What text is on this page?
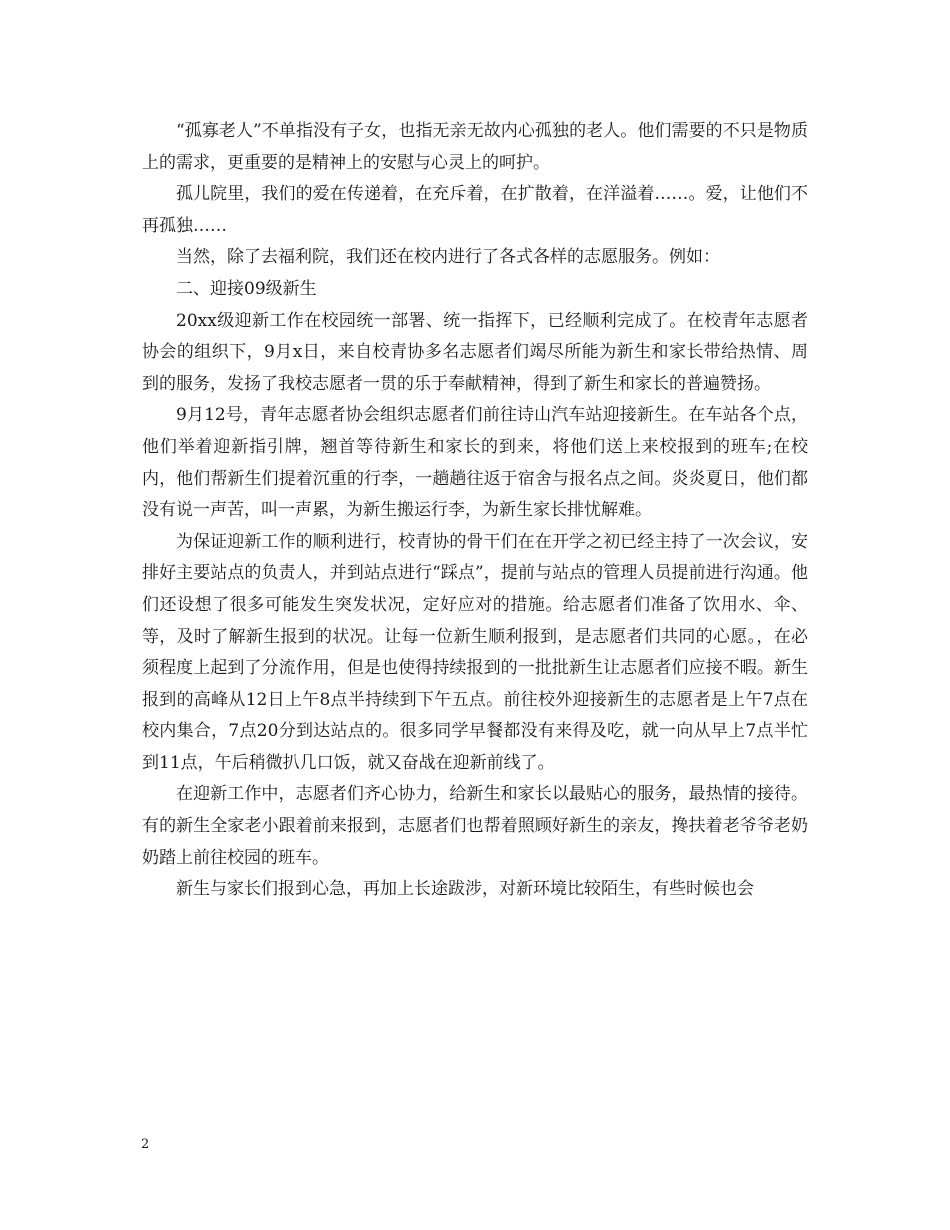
“孤寡老人”不单指没有子女，也指无亲无故内心孤独的老人。他们需要的不只是物质上的需求，更重要的是精神上的安慰与心灵上的呵护。

孤儿院里，我们的爱在传递着，在充斥着，在扩散着，在洋溢着……。爱，让他们不再孤独……

当然，除了去福利院，我们还在校内进行了各式各样的志愿服务。例如：

二、迎接09级新生

20xx级迎新工作在校园统一部署、统一指挥下，已经顺利完成了。在校青年志愿者协会的组织下，9月x日，来自校青协多名志愿者们竭尽所能为新生和家长带给热情、周到的服务，发扬了我校志愿者一贯的乐于奉献精神，得到了新生和家长的普遍赞扬。

9月12号，青年志愿者协会组织志愿者们前往诗山汽车站迎接新生。在车站各个点，他们举着迎新指引牌，翘首等待新生和家长的到来，将他们送上来校报到的班车;在校内，他们帮新生们提着沉重的行李，一趟趟往返于宿舍与报名点之间。炎炎夏日，他们都没有说一声苦，叫一声累，为新生搬运行李，为新生家长排忧解难。

为保证迎新工作的顺利进行，校青协的骨干们在在开学之初已经主持了一次会议，安排好主要站点的负责人，并到站点进行“踩点”，提前与站点的管理人员提前进行沟通。他们还设想了很多可能发生突发状况，定好应对的措施。给志愿者们准备了饮用水、伞、等，及时了解新生报到的状况。让每一位新生顺利报到，是志愿者们共同的心愿。，在必须程度上起到了分流作用，但是也使得持续报到的一批批新生让志愿者们应接不暇。新生报到的高峰从12日上午8点半持续到下午五点。前往校外迎接新生的志愿者是上午7点在校内集合，7点20分到达站点的。很多同学早餐都没有来得及吃，就一向从早上7点半忙到11点，午后稍微扒几口饭，就又奋战在迎新前线了。

在迎新工作中，志愿者们齐心协力，给新生和家长以最贴心的服务，最热情的接待。有的新生全家老小跟着前来报到，志愿者们也帮着照顾好新生的亲友，搀扶着老爷爷老奶奶踏上前往校园的班车。

新生与家长们报到心急，再加上长途跋涉，对新环境比较陌生，有些时候也会

2
